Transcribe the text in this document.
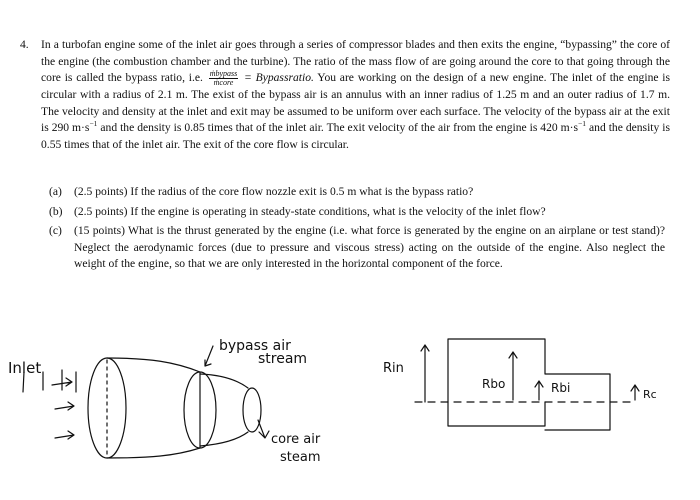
4. In a turbofan engine some of the inlet air goes through a series of compressor blades and then exits the engine, “bypassing” the core of the engine (the combustion chamber and the turbine). The ratio of the mass flow of are going around the core to that going through the core is called the bypass ratio, i.e. $\frac{\text{ṁbypass}}{\text{ṁcore}}$ = Bypassratio. You are working on the design of a new engine. The inlet of the engine is circular with a radius of 2.1 m. The exist of the bypass air is an annulus with an inner radius of 1.25 m and an outer radius of 1.7 m. The velocity and density at the inlet and exit may be assumed to be uniform over each surface. The velocity of the bypass air at the exit is 290 $m\cdot s^{-1}$ and the density is 0.85 times that of the inlet air. The exit velocity of the air from the engine is 420 $m\cdot s^{-1}$ and the density is 0.55 times that of the inlet air. The exit of the core flow is circular.
(a) (2.5 points) If the radius of the core flow nozzle exit is 0.5 m what is the bypass ratio?
(b) (2.5 points) If the engine is operating in steady-state conditions, what is the velocity of the inlet flow?
(c) (15 points) What is the thrust generated by the engine (i.e. what force is generated by the engine on an airplane or test stand)? Neglect the aerodynamic forces (due to pressure and viscous stress) acting on the outside of the engine. Also neglect the weight of the engine, so that we are only interested in the horizontal component of the force.
Inlet
bypass air
stream
core air
steam
Rin
Rbo	Rbi	Rc
